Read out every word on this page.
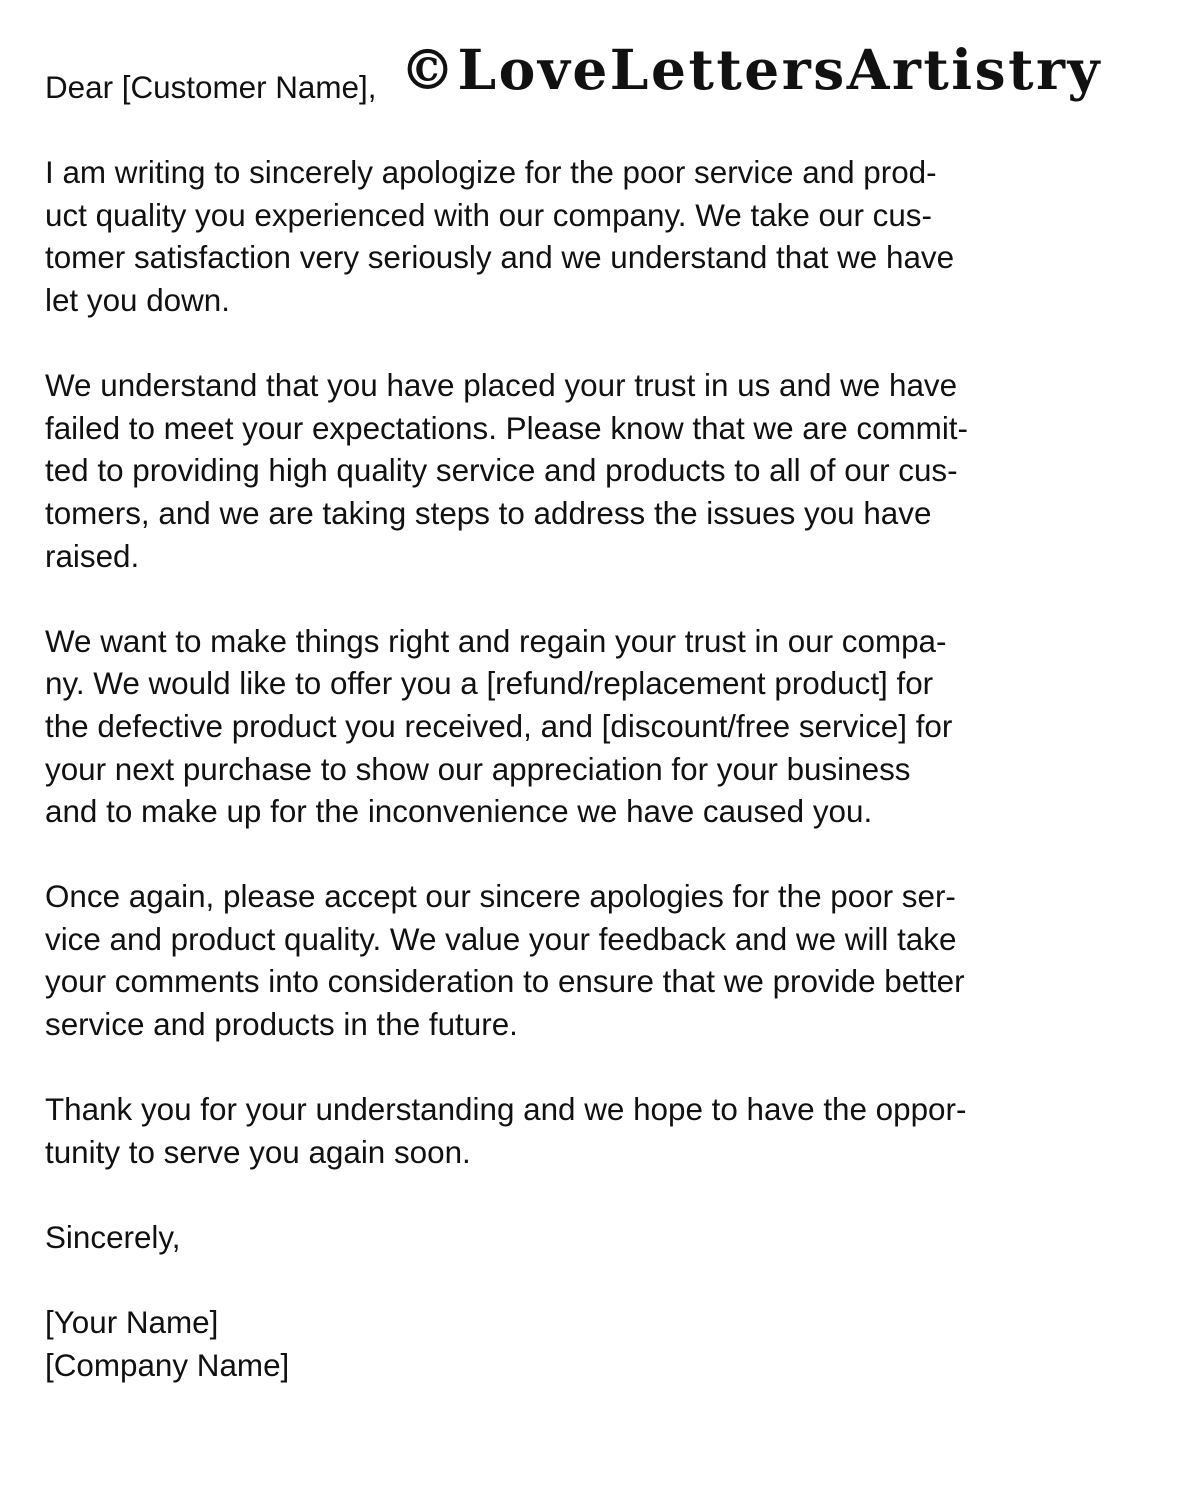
©LoveLettersArtistry
Dear [Customer Name],
I am writing to sincerely apologize for the poor service and prod-
uct quality you experienced with our company. We take our cus-
tomer satisfaction very seriously and we understand that we have
let you down.
We understand that you have placed your trust in us and we have
failed to meet your expectations. Please know that we are commit-
ted to providing high quality service and products to all of our cus-
tomers, and we are taking steps to address the issues you have
raised.
We want to make things right and regain your trust in our compa-
ny. We would like to offer you a [refund/replacement product] for
the defective product you received, and [discount/free service] for
your next purchase to show our appreciation for your business
and to make up for the inconvenience we have caused you.
Once again, please accept our sincere apologies for the poor ser-
vice and product quality. We value your feedback and we will take
your comments into consideration to ensure that we provide better
service and products in the future.
Thank you for your understanding and we hope to have the oppor-
tunity to serve you again soon.
Sincerely,
[Your Name]
[Company Name]
